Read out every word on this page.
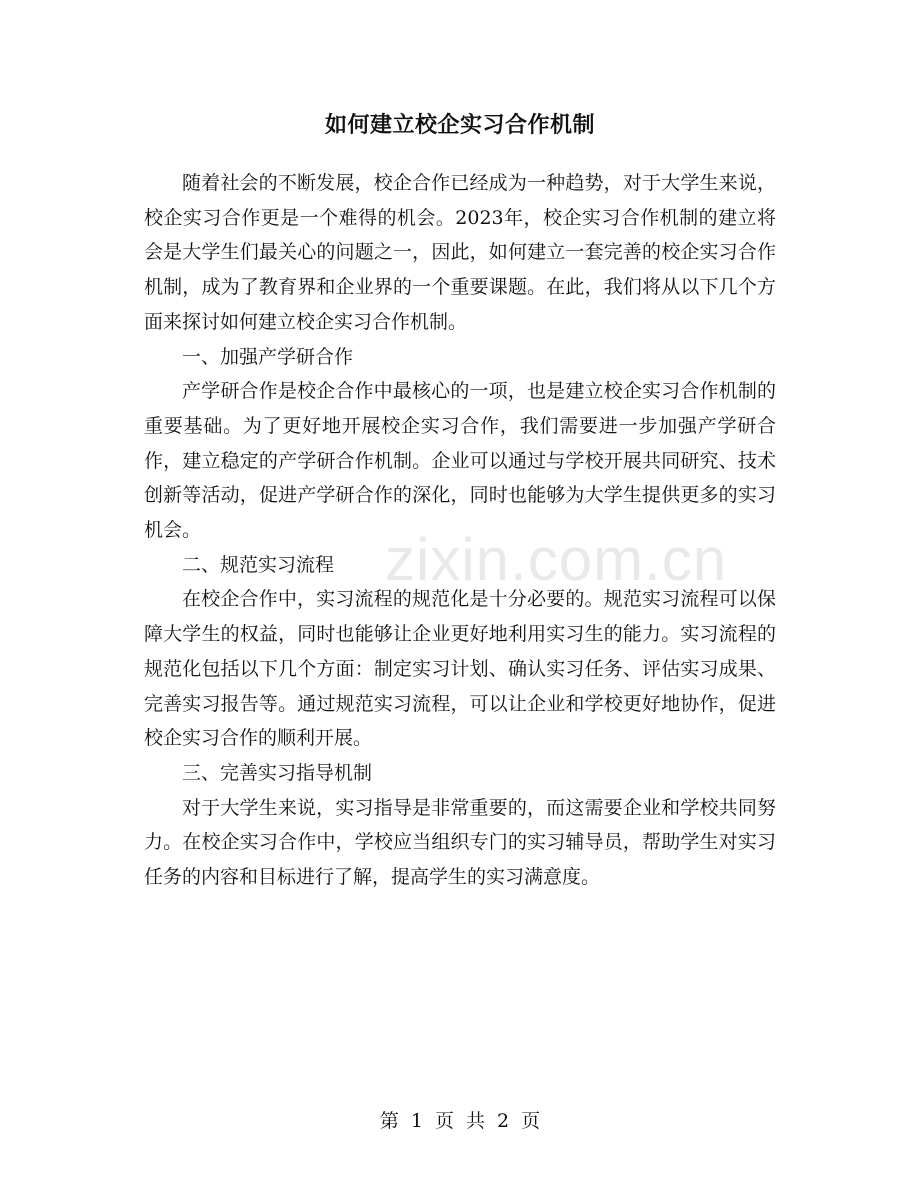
如何建立校企实习合作机制

随着社会的不断发展，校企合作已经成为一种趋势，对于大学生来说，校企实习合作更是一个难得的机会。2023年，校企实习合作机制的建立将会是大学生们最关心的问题之一，因此，如何建立一套完善的校企实习合作机制，成为了教育界和企业界的一个重要课题。在此，我们将从以下几个方面来探讨如何建立校企实习合作机制。

一、加强产学研合作

产学研合作是校企合作中最核心的一项，也是建立校企实习合作机制的重要基础。为了更好地开展校企实习合作，我们需要进一步加强产学研合作，建立稳定的产学研合作机制。企业可以通过与学校开展共同研究、技术创新等活动，促进产学研合作的深化，同时也能够为大学生提供更多的实习机会。

二、规范实习流程

在校企合作中，实习流程的规范化是十分必要的。规范实习流程可以保障大学生的权益，同时也能够让企业更好地利用实习生的能力。实习流程的规范化包括以下几个方面：制定实习计划、确认实习任务、评估实习成果、完善实习报告等。通过规范实习流程，可以让企业和学校更好地协作，促进校企实习合作的顺利开展。

三、完善实习指导机制

对于大学生来说，实习指导是非常重要的，而这需要企业和学校共同努力。在校企实习合作中，学校应当组织专门的实习辅导员，帮助学生对实习任务的内容和目标进行了解，提高学生的实习满意度。

zixin.com.cn
第 1 页 共 2 页
